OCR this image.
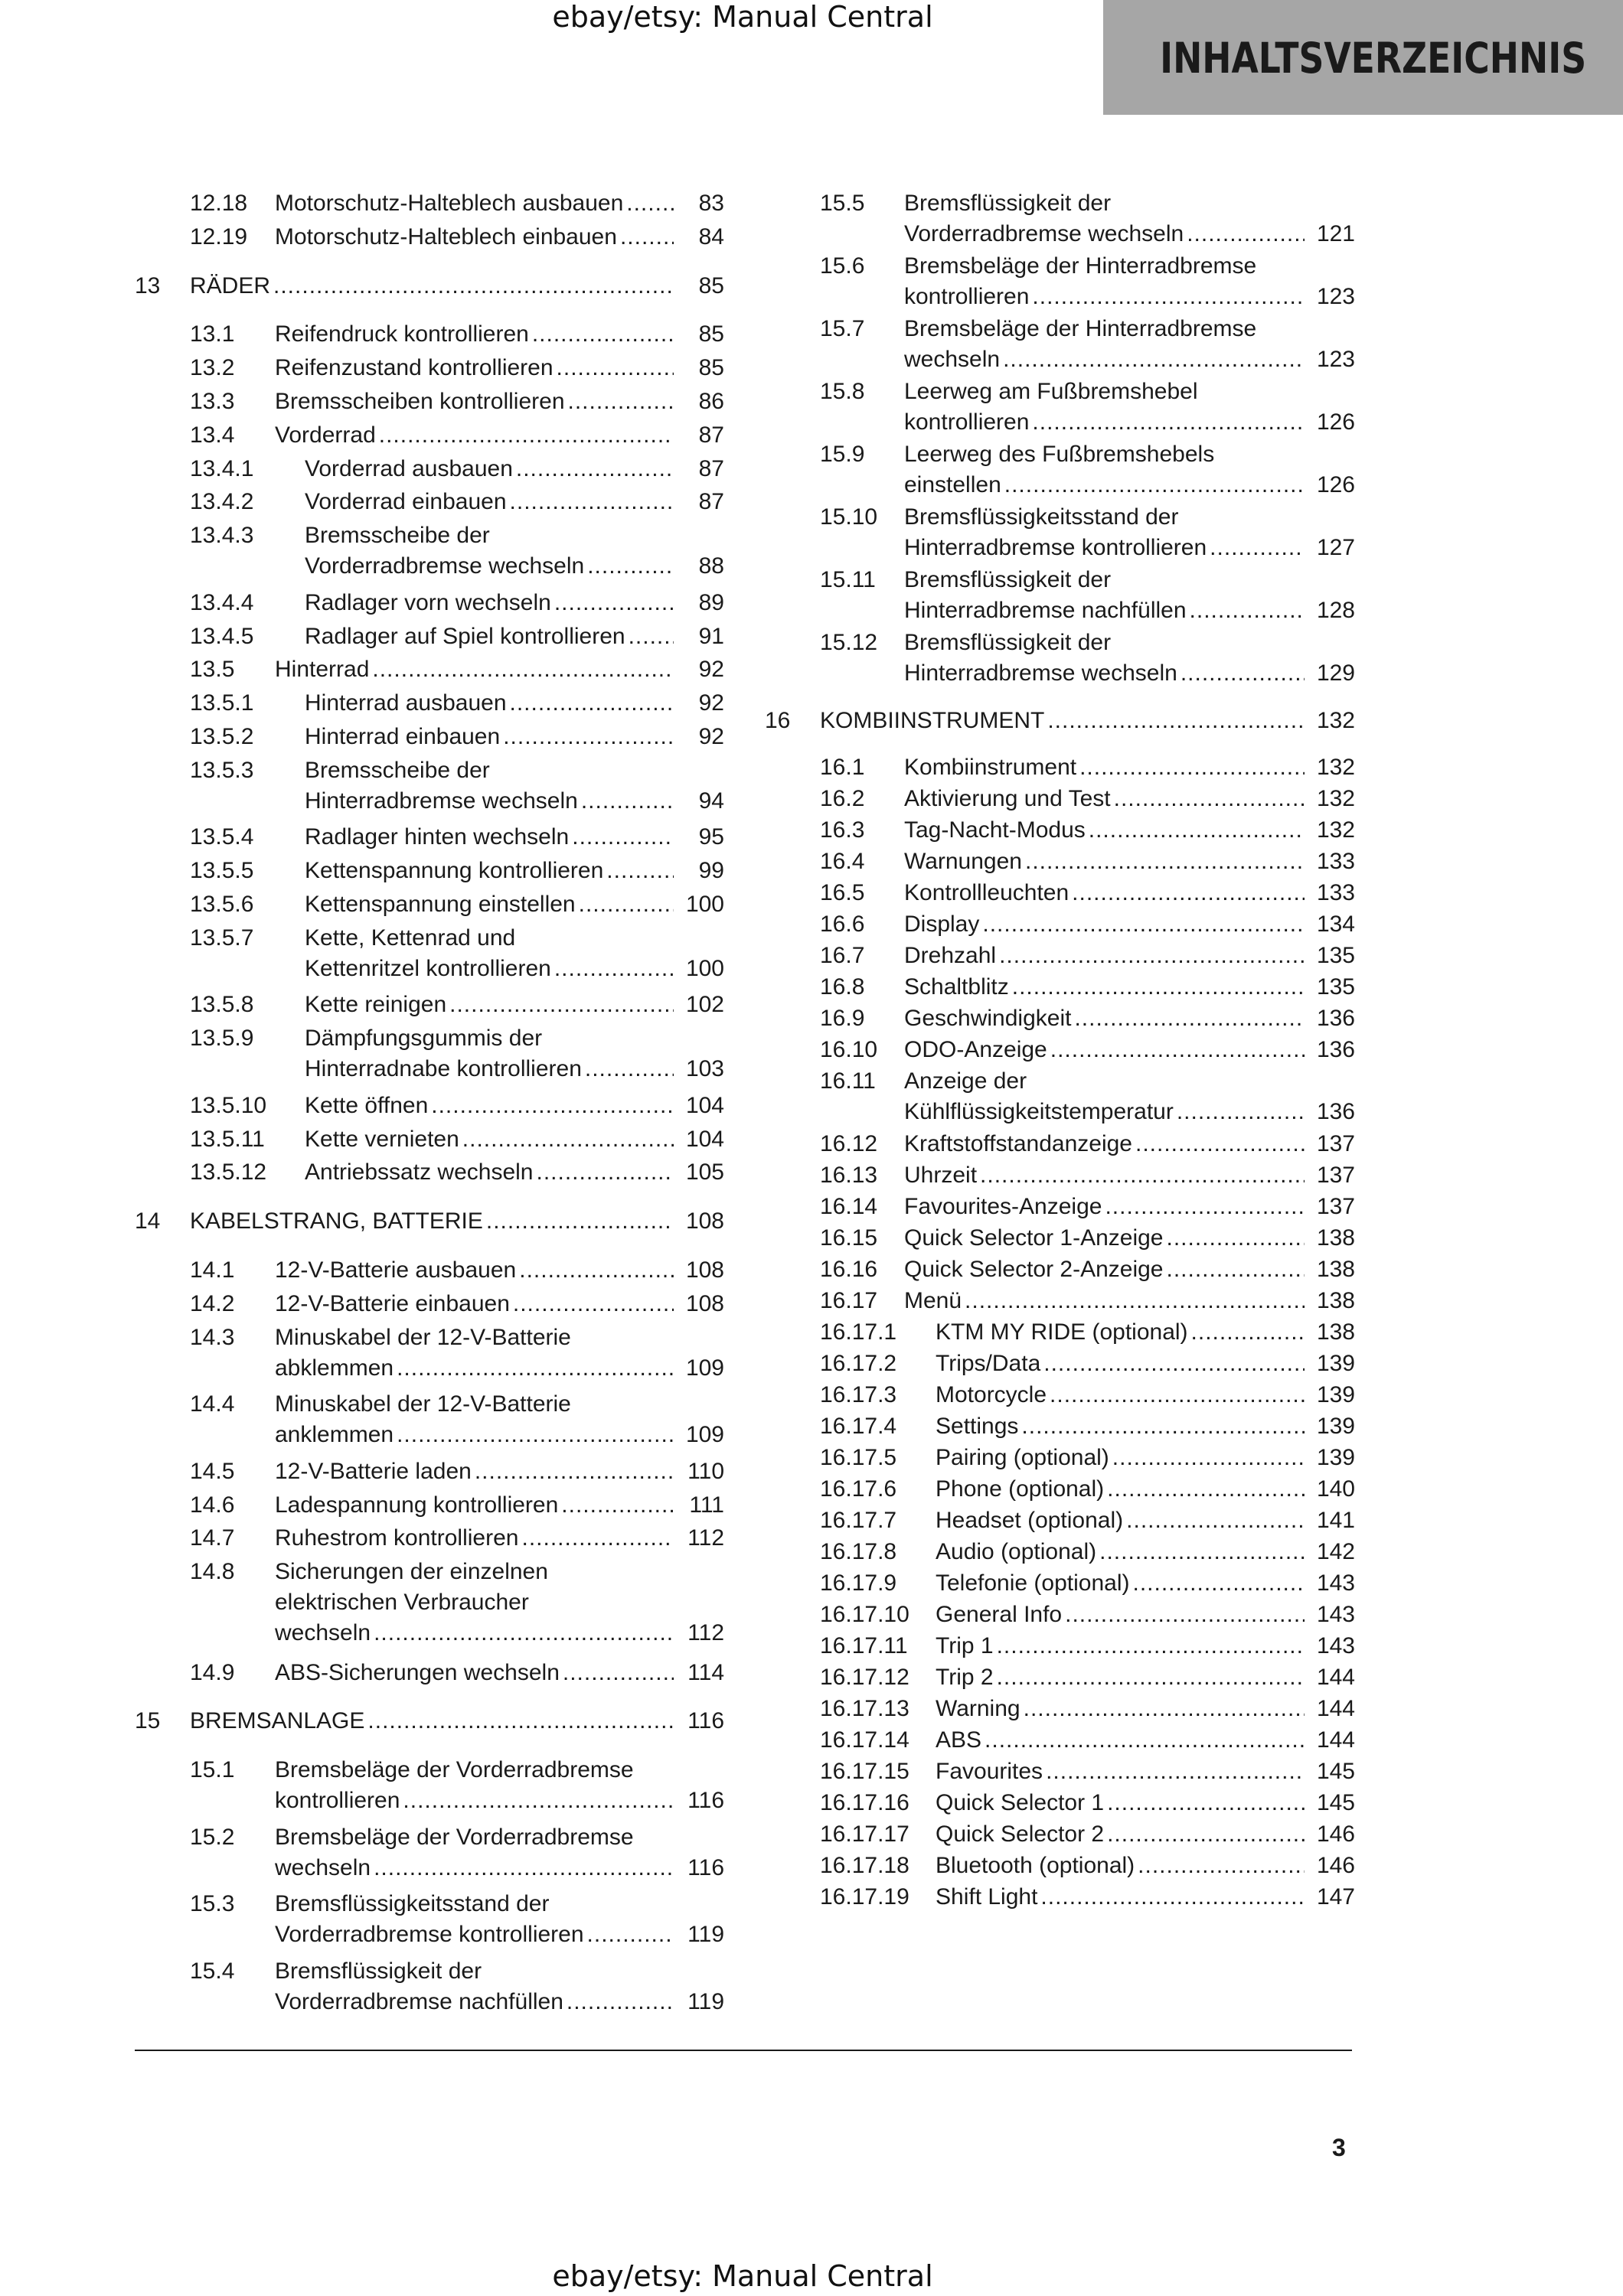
ebay/etsy: Manual Central
INHALTSVERZEICHNIS
12.18 Motorschutz-Halteblech ausbauen .....	83
12.19 Motorschutz-Halteblech einbauen .....	84
13 RÄDER .....	85
13.1 Reifendruck kontrollieren .....	85
13.2 Reifenzustand kontrollieren .....	85
13.3 Bremsscheiben kontrollieren .....	86
13.4 Vorderrad .....	87
13.4.1 Vorderrad ausbauen .....	87
13.4.2 Vorderrad einbauen .....	87
13.4.3 Bremsscheibe der
Vorderradbremse wechseln .....	88
13.4.4 Radlager vorn wechseln .....	89
13.4.5 Radlager auf Spiel kontrollieren .....	91
13.5 Hinterrad .....	92
13.5.1 Hinterrad ausbauen .....	92
13.5.2 Hinterrad einbauen .....	92
13.5.3 Bremsscheibe der
Hinterradbremse wechseln .....	94
13.5.4 Radlager hinten wechseln .....	95
13.5.5 Kettenspannung kontrollieren .....	99
13.5.6 Kettenspannung einstellen .....	100
13.5.7 Kette, Kettenrad und
Kettenritzel kontrollieren .....	100
13.5.8 Kette reinigen .....	102
13.5.9 Dämpfungsgummis der
Hinterradnabe kontrollieren .....	103
13.5.10 Kette öffnen .....	104
13.5.11 Kette vernieten .....	104
13.5.12 Antriebssatz wechseln .....	105
14 KABELSTRANG, BATTERIE .....	108
14.1 12-V-Batterie ausbauen .....	108
14.2 12-V-Batterie einbauen .....	108
14.3 Minuskabel der 12-V-Batterie
abklemmen .....	109
14.4 Minuskabel der 12-V-Batterie
anklemmen .....	109
14.5 12-V-Batterie laden .....	110
14.6 Ladespannung kontrollieren .....	111
14.7 Ruhestrom kontrollieren .....	112
14.8 Sicherungen der einzelnen
elektrischen Verbraucher
wechseln .....	112
14.9 ABS-Sicherungen wechseln .....	114
15 BREMSANLAGE .....	116
15.1 Bremsbeläge der Vorderradbremse
kontrollieren .....	116
15.2 Bremsbeläge der Vorderradbremse
wechseln .....	116
15.3 Bremsflüssigkeitsstand der
Vorderradbremse kontrollieren .....	119
15.4 Bremsflüssigkeit der
Vorderradbremse nachfüllen .....	119
15.5 Bremsflüssigkeit der
Vorderradbremse wechseln .....	121
15.6 Bremsbeläge der Hinterradbremse
kontrollieren .....	123
15.7 Bremsbeläge der Hinterradbremse
wechseln .....	123
15.8 Leerweg am Fußbremshebel
kontrollieren .....	126
15.9 Leerweg des Fußbremshebels
einstellen .....	126
15.10 Bremsflüssigkeitsstand der
Hinterradbremse kontrollieren .....	127
15.11 Bremsflüssigkeit der
Hinterradbremse nachfüllen .....	128
15.12 Bremsflüssigkeit der
Hinterradbremse wechseln .....	129
16 KOMBIINSTRUMENT .....	132
16.1 Kombiinstrument .....	132
16.2 Aktivierung und Test .....	132
16.3 Tag-Nacht-Modus .....	132
16.4 Warnungen .....	133
16.5 Kontrollleuchten .....	133
16.6 Display .....	134
16.7 Drehzahl .....	135
16.8 Schaltblitz .....	135
16.9 Geschwindigkeit .....	136
16.10 ODO-Anzeige .....	136
16.11 Anzeige der
Kühlflüssigkeitstemperatur .....	136
16.12 Kraftstoffstandanzeige .....	137
16.13 Uhrzeit .....	137
16.14 Favourites-Anzeige .....	137
16.15 Quick Selector 1-Anzeige .....	138
16.16 Quick Selector 2-Anzeige .....	138
16.17 Menü .....	138
16.17.1 KTM MY RIDE (optional) .....	138
16.17.2 Trips/Data .....	139
16.17.3 Motorcycle .....	139
16.17.4 Settings .....	139
16.17.5 Pairing (optional) .....	139
16.17.6 Phone (optional) .....	140
16.17.7 Headset (optional) .....	141
16.17.8 Audio (optional) .....	142
16.17.9 Telefonie (optional) .....	143
16.17.10 General Info .....	143
16.17.11 Trip 1 .....	143
16.17.12 Trip 2 .....	144
16.17.13 Warning .....	144
16.17.14 ABS .....	144
16.17.15 Favourites .....	145
16.17.16 Quick Selector 1 .....	145
16.17.17 Quick Selector 2 .....	146
16.17.18 Bluetooth (optional) .....	146
16.17.19 Shift Light .....	147
3
ebay/etsy: Manual Central
